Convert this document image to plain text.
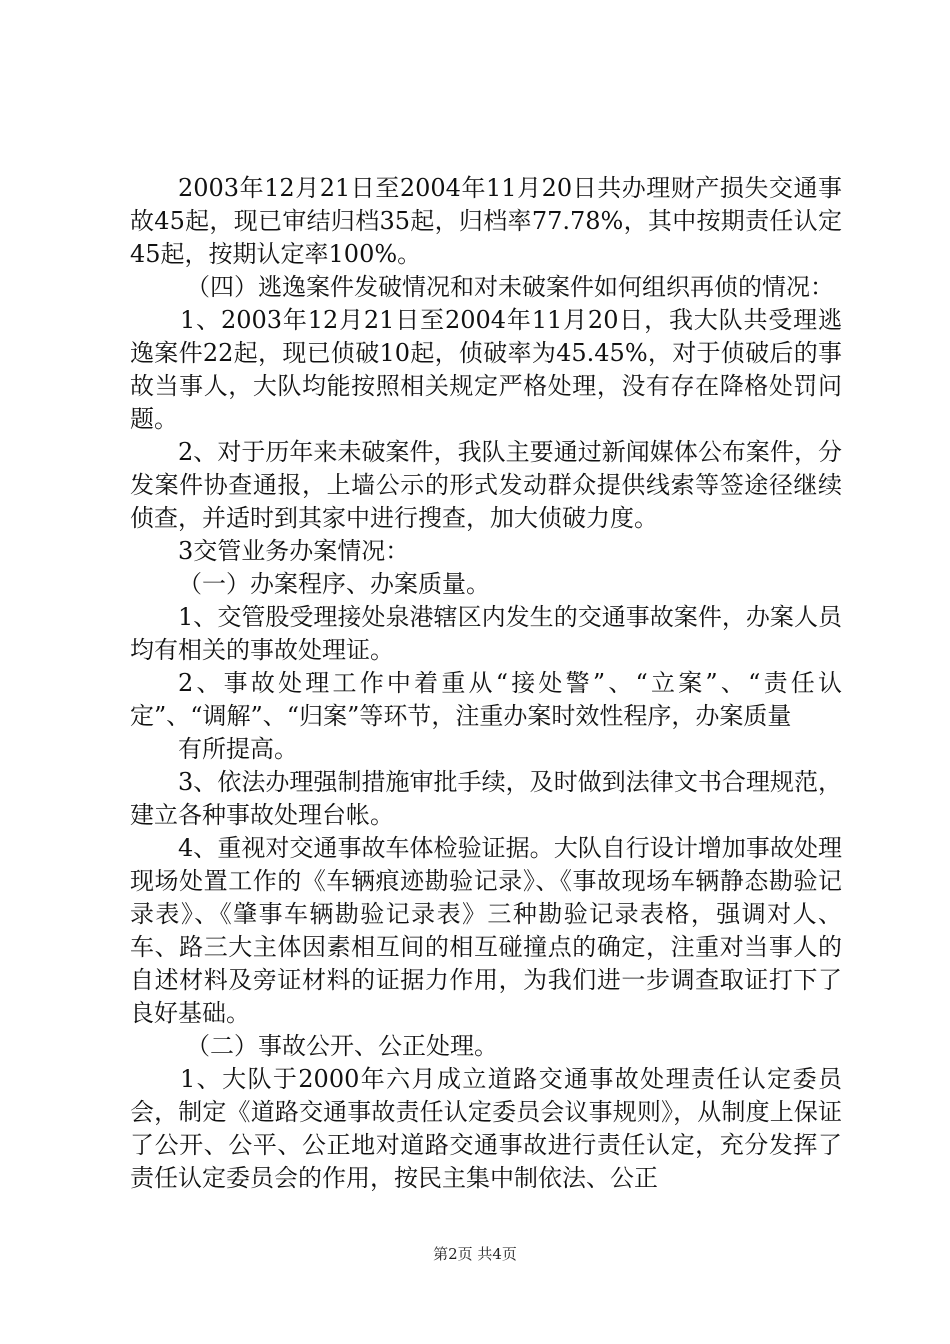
2003年12月21日至2004年11月20日共办理财产损失交通事故45起，现已审结归档35起，归档率77.78%，其中按期责任认定45起，按期认定率100%。

（四）逃逸案件发破情况和对未破案件如何组织再侦的情况：

1、2003年12月21日至2004年11月20日，我大队共受理逃逸案件22起，现已侦破10起，侦破率为45.45%，对于侦破后的事故当事人，大队均能按照相关规定严格处理，没有存在降格处罚问题。

2、对于历年来未破案件，我队主要通过新闻媒体公布案件，分发案件协查通报，上墙公示的形式发动群众提供线索等签途径继续侦查，并适时到其家中进行搜查，加大侦破力度。

3交管业务办案情况：

（一）办案程序、办案质量。

1、交管股受理接处泉港辖区内发生的交通事故案件，办案人员均有相关的事故处理证。

2、事故处理工作中着重从“接处警”、“立案”、“责任认定”、“调解”、“归案”等环节，注重办案时效性程序，办案质量

有所提高。

3、依法办理强制措施审批手续，及时做到法律文书合理规范，建立各种事故处理台帐。

4、重视对交通事故车体检验证据。大队自行设计增加事故处理现场处置工作的《车辆痕迹勘验记录》、《事故现场车辆静态勘验记录表》、《肇事车辆勘验记录表》三种勘验记录表格，强调对人、车、路三大主体因素相互间的相互碰撞点的确定，注重对当事人的自述材料及旁证材料的证据力作用，为我们进一步调查取证打下了良好基础。

（二）事故公开、公正处理。

1、大队于2000年六月成立道路交通事故处理责任认定委员会，制定《道路交通事故责任认定委员会议事规则》，从制度上保证了公开、公平、公正地对道路交通事故进行责任认定，充分发挥了责任认定委员会的作用，按民主集中制依法、公正

第2页 共4页
